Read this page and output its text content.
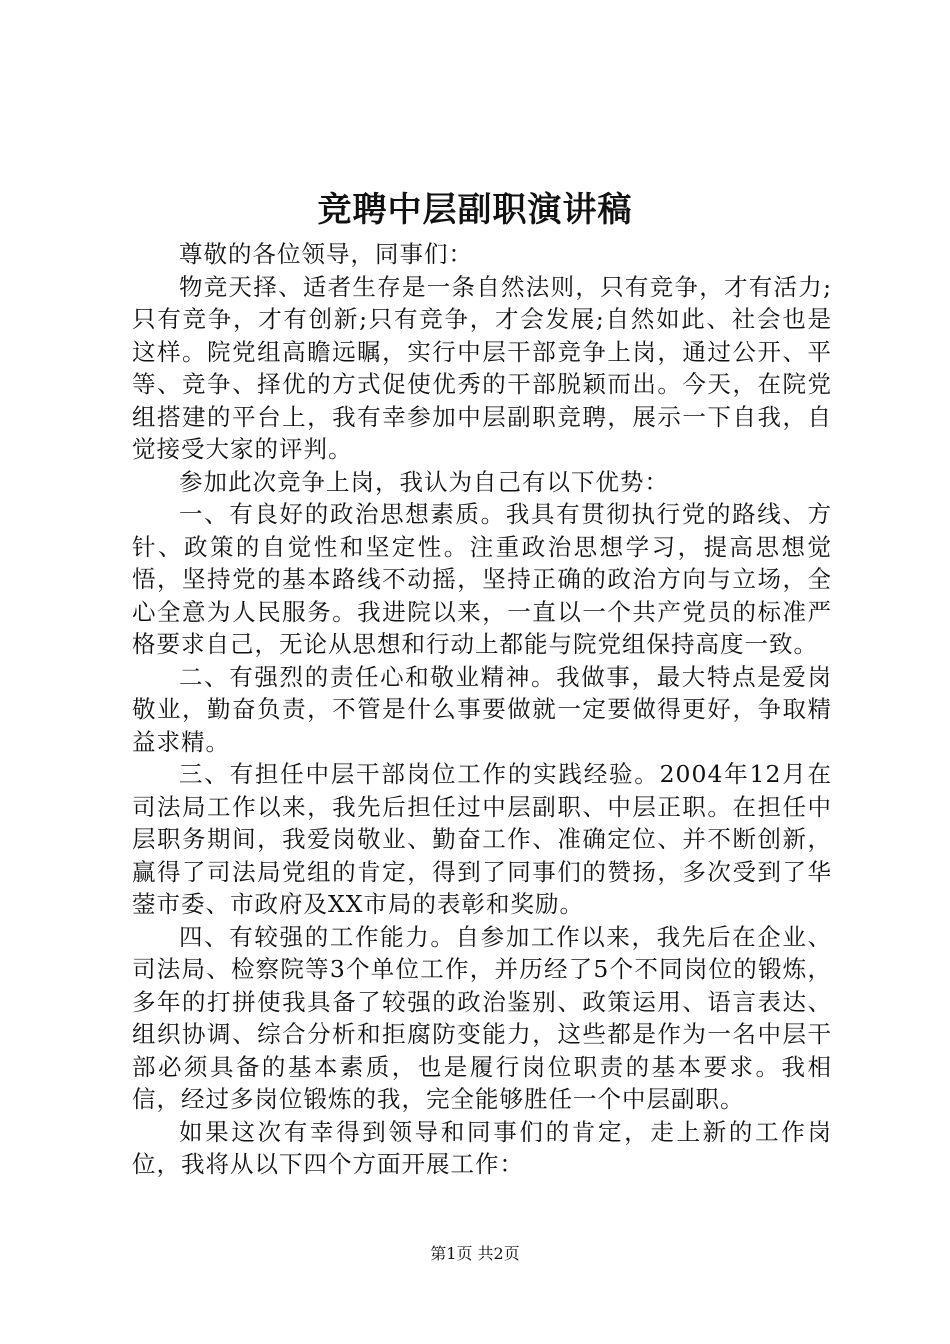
竞聘中层副职演讲稿

尊敬的各位领导，同事们：

物竞天择、适者生存是一条自然法则，只有竞争，才有活力;只有竞争，才有创新;只有竞争，才会发展;自然如此、社会也是这样。院党组高瞻远瞩，实行中层干部竞争上岗，通过公开、平等、竞争、择优的方式促使优秀的干部脱颖而出。今天，在院党组搭建的平台上，我有幸参加中层副职竞聘，展示一下自我，自觉接受大家的评判。

参加此次竞争上岗，我认为自己有以下优势：

一、有良好的政治思想素质。我具有贯彻执行党的路线、方针、政策的自觉性和坚定性。注重政治思想学习，提高思想觉悟，坚持党的基本路线不动摇，坚持正确的政治方向与立场，全心全意为人民服务。我进院以来，一直以一个共产党员的标准严格要求自己，无论从思想和行动上都能与院党组保持高度一致。

二、有强烈的责任心和敬业精神。我做事，最大特点是爱岗敬业，勤奋负责，不管是什么事要做就一定要做得更好，争取精益求精。

三、有担任中层干部岗位工作的实践经验。2004年12月在司法局工作以来，我先后担任过中层副职、中层正职。在担任中层职务期间，我爱岗敬业、勤奋工作、准确定位、并不断创新，赢得了司法局党组的肯定，得到了同事们的赞扬，多次受到了华蓥市委、市政府及XX市局的表彰和奖励。

四、有较强的工作能力。自参加工作以来，我先后在企业、司法局、检察院等3个单位工作，并历经了5个不同岗位的锻炼，多年的打拼使我具备了较强的政治鉴别、政策运用、语言表达、组织协调、综合分析和拒腐防变能力，这些都是作为一名中层干部必须具备的基本素质，也是履行岗位职责的基本要求。我相信，经过多岗位锻炼的我，完全能够胜任一个中层副职。

如果这次有幸得到领导和同事们的肯定，走上新的工作岗位，我将从以下四个方面开展工作：

第1页 共2页
